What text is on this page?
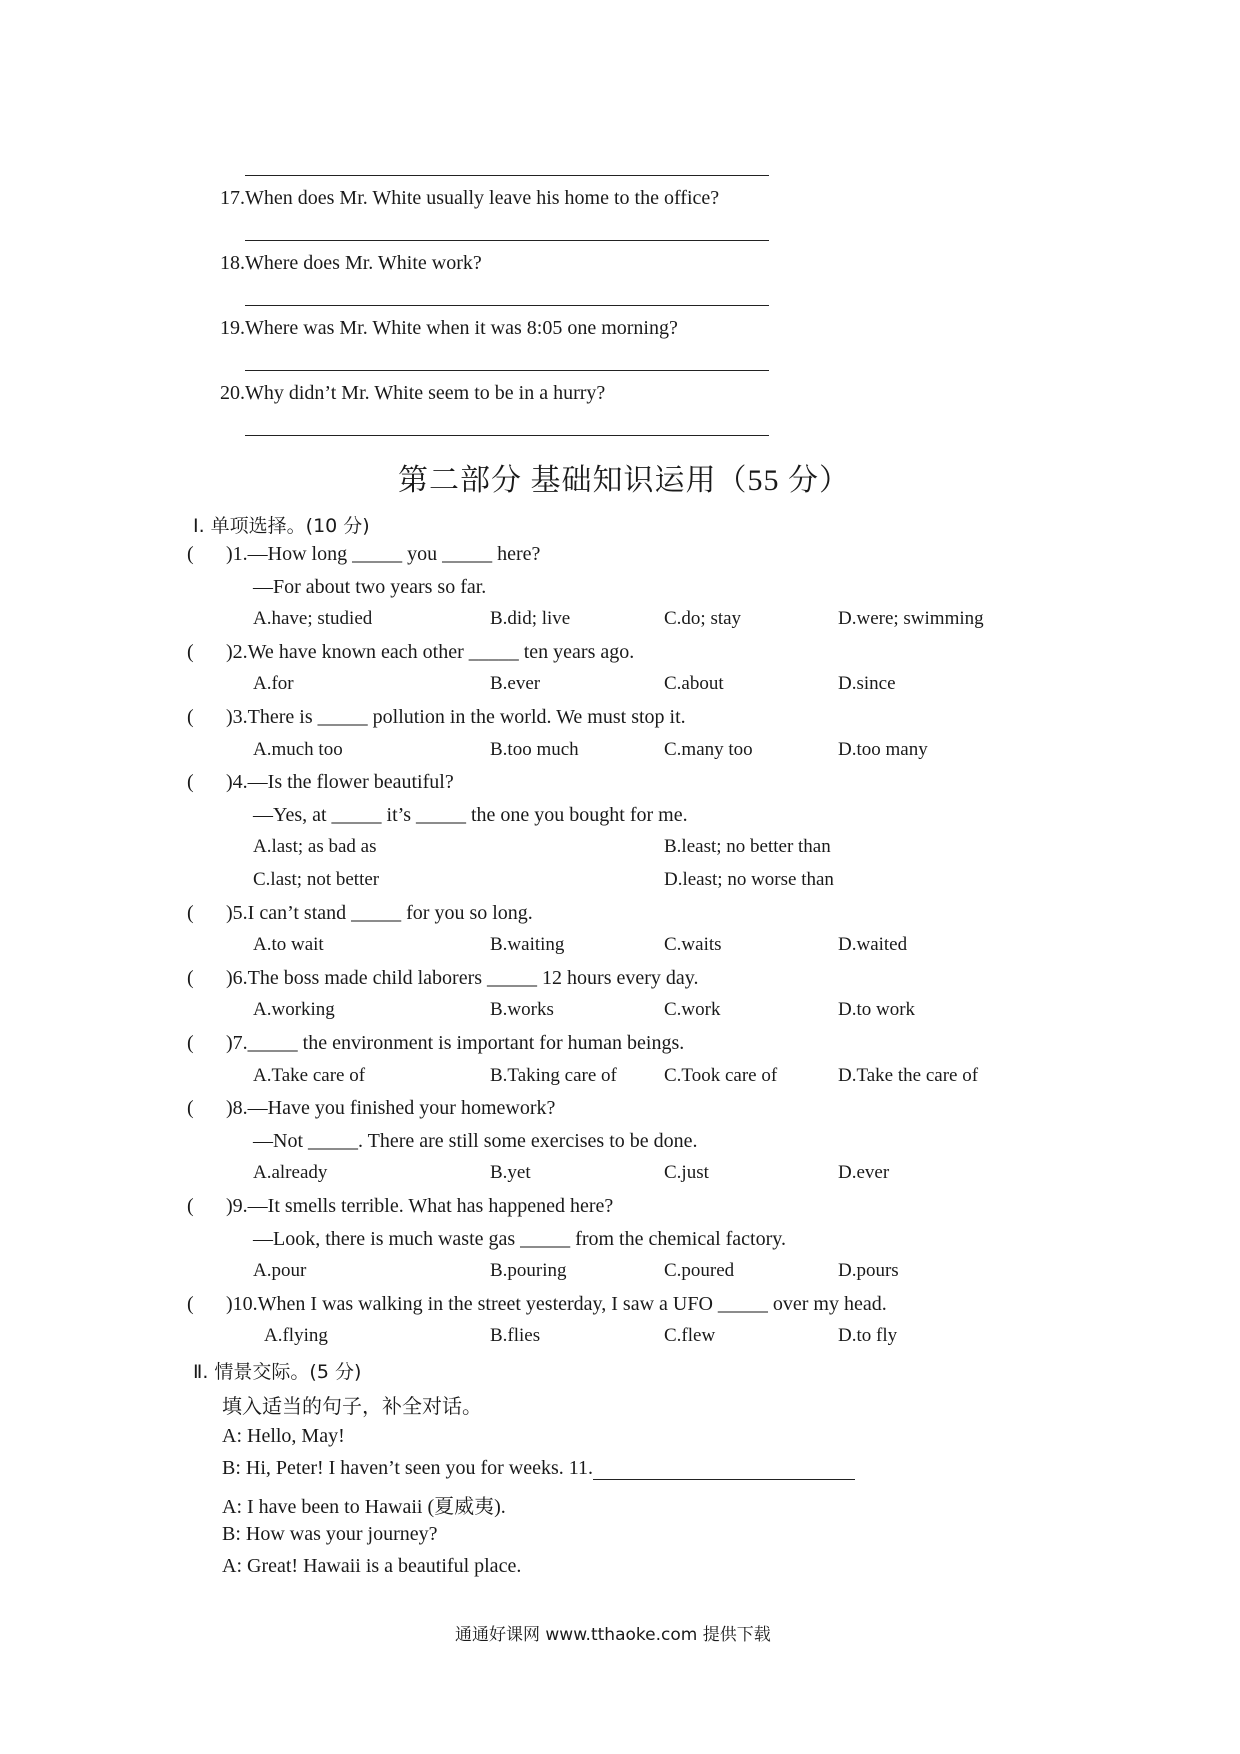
17.When does Mr. White usually leave his home to the office?
18.Where does Mr. White work?
19.Where was Mr. White when it was 8:05 one morning?
20.Why didn’t Mr. White seem to be in a hurry?
第二部分 基础知识运用（55 分）
Ⅰ. 单项选择。(10 分)
( )1.—How long _____ you _____ here?
—For about two years so far.
A.have; studied	B.did; live	C.do; stay	D.were; swimming
( )2.We have known each other _____ ten years ago.
A.for	B.ever	C.about	D.since
( )3.There is _____ pollution in the world. We must stop it.
A.much too	B.too much	C.many too	D.too many
( )4.—Is the flower beautiful?
—Yes, at _____ it’s _____ the one you bought for me.
A.last; as bad as	B.least; no better than
C.last; not better	D.least; no worse than
( )5.I can’t stand _____ for you so long.
A.to wait	B.waiting	C.waits	D.waited
( )6.The boss made child laborers _____ 12 hours every day.
A.working	B.works	C.work	D.to work
( )7._____ the environment is important for human beings.
A.Take care of	B.Taking care of C.Took care of	D.Take the care of
( )8.—Have you finished your homework?
—Not _____. There are still some exercises to be done.
A.already	B.yet	C.just	D.ever
( )9.—It smells terrible. What has happened here?
—Look, there is much waste gas _____ from the chemical factory.
A.pour	B.pouring	C.poured	D.pours
( )10.When I was walking in the street yesterday, I saw a UFO _____ over my head.
A.flying	B.flies	C.flew	D.to fly
Ⅱ. 情景交际。(5 分)
填入适当的句子，补全对话。
A: Hello, May!
B: Hi, Peter! I haven’t seen you for weeks. 11.
A: I have been to Hawaii (夏威夷).
B: How was your journey?
A: Great! Hawaii is a beautiful place.
通通好课网 www.tthaoke.com 提供下载
